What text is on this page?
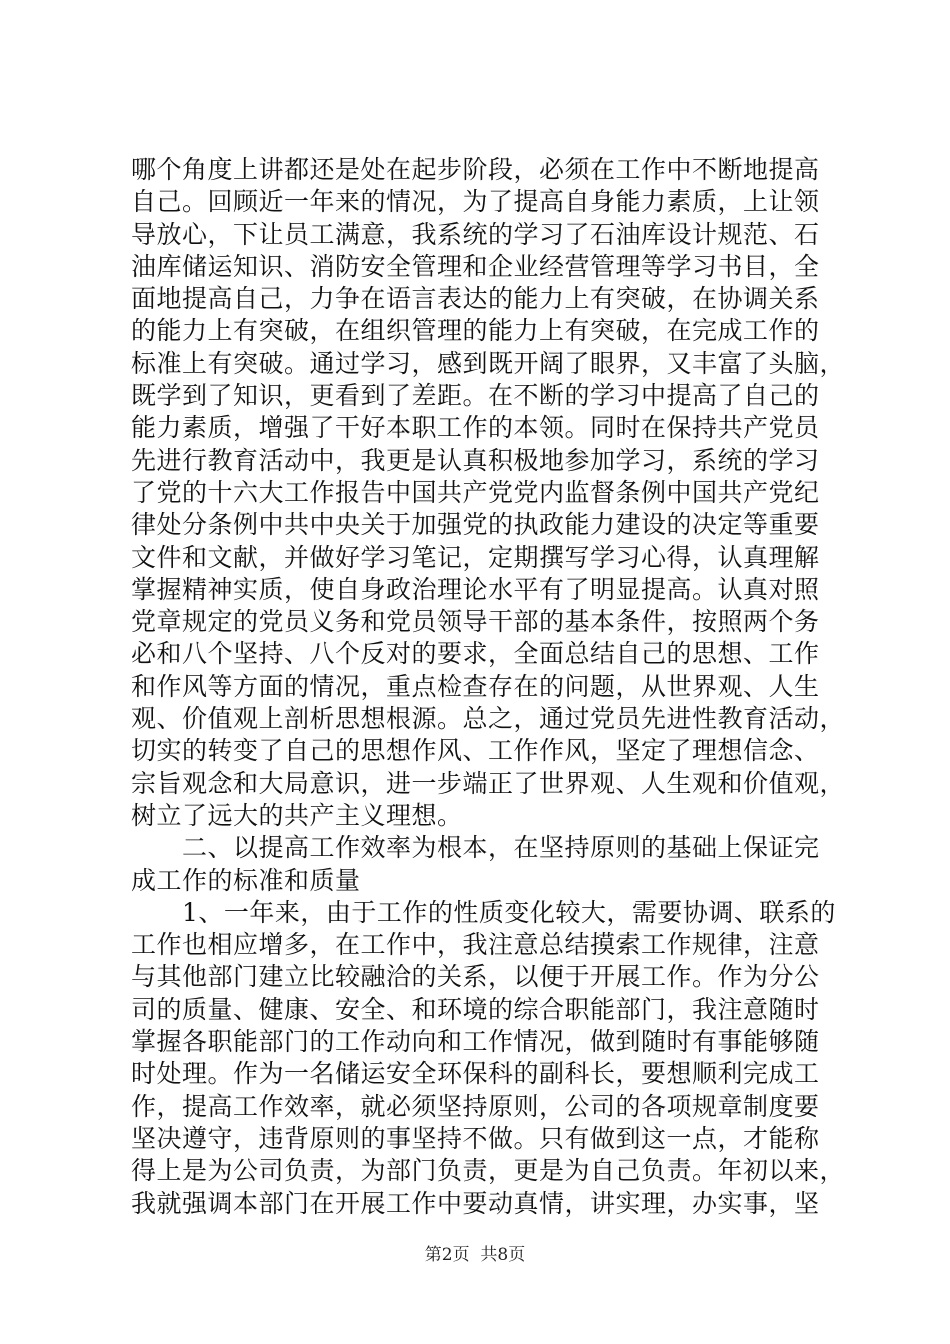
哪个角度上讲都还是处在起步阶段，必须在工作中不断地提高
自己。回顾近一年来的情况，为了提高自身能力素质，上让领
导放心，下让员工满意，我系统的学习了石油库设计规范、石
油库储运知识、消防安全管理和企业经营管理等学习书目，全
面地提高自己，力争在语言表达的能力上有突破，在协调关系
的能力上有突破，在组织管理的能力上有突破，在完成工作的
标准上有突破。通过学习，感到既开阔了眼界，又丰富了头脑，
既学到了知识，更看到了差距。在不断的学习中提高了自己的
能力素质，增强了干好本职工作的本领。同时在保持共产党员
先进行教育活动中，我更是认真积极地参加学习，系统的学习
了党的十六大工作报告中国共产党党内监督条例中国共产党纪
律处分条例中共中央关于加强党的执政能力建设的决定等重要
文件和文献，并做好学习笔记，定期撰写学习心得，认真理解
掌握精神实质，使自身政治理论水平有了明显提高。认真对照
党章规定的党员义务和党员领导干部的基本条件，按照两个务
必和八个坚持、八个反对的要求，全面总结自己的思想、工作
和作风等方面的情况，重点检查存在的问题，从世界观、人生
观、价值观上剖析思想根源。总之，通过党员先进性教育活动，
切实的转变了自己的思想作风、工作作风，坚定了理想信念、
宗旨观念和大局意识，进一步端正了世界观、人生观和价值观，
树立了远大的共产主义理想。
　　二、以提高工作效率为根本，在坚持原则的基础上保证完
成工作的标准和质量
　　1、一年来，由于工作的性质变化较大，需要协调、联系的
工作也相应增多，在工作中，我注意总结摸索工作规律，注意
与其他部门建立比较融洽的关系，以便于开展工作。作为分公
司的质量、健康、安全、和环境的综合职能部门，我注意随时
掌握各职能部门的工作动向和工作情况，做到随时有事能够随
时处理。作为一名储运安全环保科的副科长，要想顺利完成工
作，提高工作效率，就必须坚持原则，公司的各项规章制度要
坚决遵守，违背原则的事坚持不做。只有做到这一点，才能称
得上是为公司负责，为部门负责，更是为自己负责。年初以来，
我就强调本部门在开展工作中要动真情，讲实理，办实事，坚
第2页  共8页
